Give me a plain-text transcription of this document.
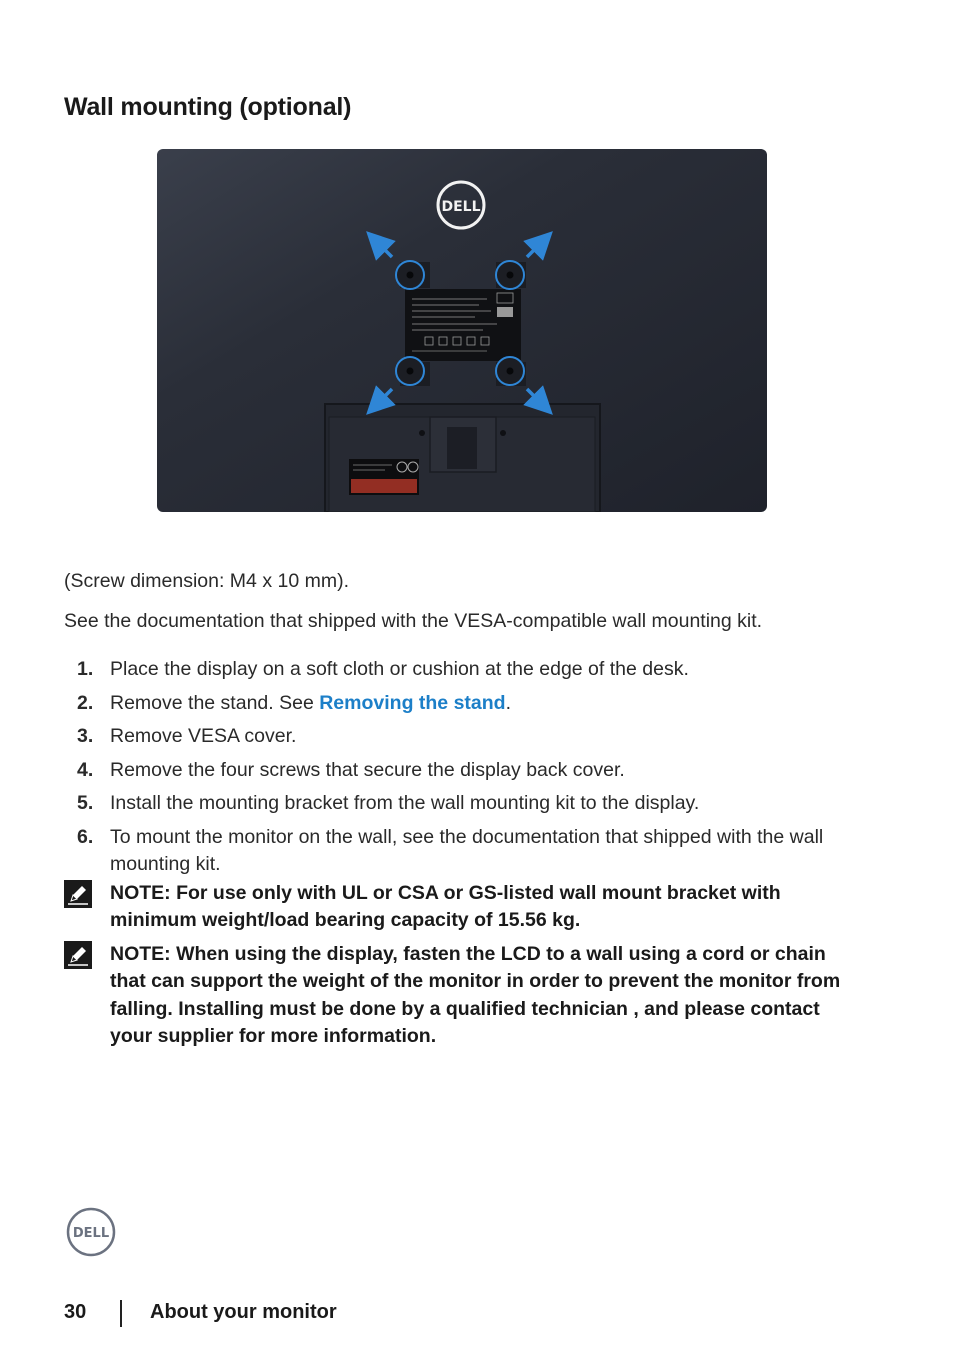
Wall mounting (optional)
DELL

(Screw dimension: M4 x 10 mm).

See the documentation that shipped with the VESA-compatible wall mounting kit.

1. Place the display on a soft cloth or cushion at the edge of the desk.
2. Remove the stand. See Removing the stand.
3. Remove VESA cover.
4. Remove the four screws that secure the display back cover.
5. Install the mounting bracket from the wall mounting kit to the display.
6. To mount the monitor on the wall, see the documentation that shipped with the wall mounting kit.

NOTE: For use only with UL or CSA or GS-listed wall mount bracket with minimum weight/load bearing capacity of 15.56 kg.

NOTE: When using the display, fasten the LCD to a wall using a cord or chain that can support the weight of the monitor in order to prevent the monitor from falling. Installing must be done by a qualified technician , and please contact your supplier for more information.

DELL
30	About your monitor
